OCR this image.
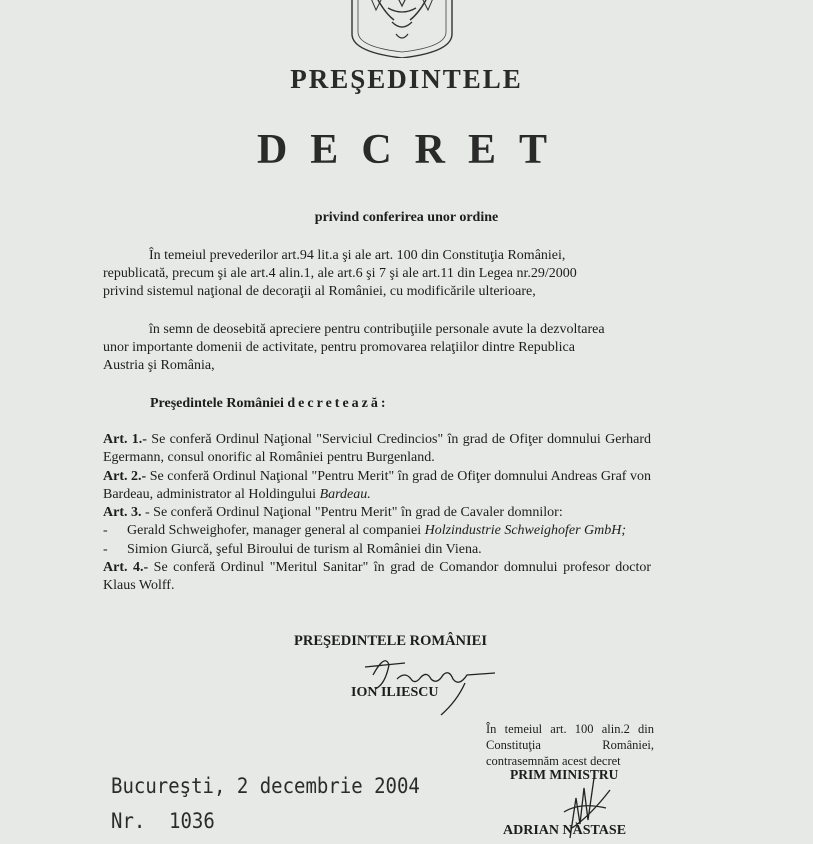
PREŞEDINTELE
DECRET
privind conferirea unor ordine
În temeiul prevederilor art.94 lit.a şi ale art. 100 din Constituţia României,
republicată, precum şi ale art.4 alin.1, ale art.6 şi 7 şi ale art.11 din Legea nr.29/2000
privind sistemul naţional de decoraţii al României, cu modificările ulterioare,
în semn de deosebită apreciere pentru contribuţiile personale avute la dezvoltarea
unor importante domenii de activitate, pentru promovarea relaţiilor dintre Republica
Austria şi România,
Preşedintele României decretează:

Art. 1.- Se conferă Ordinul Naţional "Serviciul Credincios" în grad de Ofiţer domnului Gerhard Egermann, consul onorific al României pentru Burgenland.

Art. 2.- Se conferă Ordinul Naţional "Pentru Merit" în grad de Ofiţer domnului Andreas Graf von Bardeau, administrator al Holdingului Bardeau.

Art. 3. - Se conferă Ordinul Naţional "Pentru Merit" în grad de Cavaler domnilor:

-	Gerald Schweighofer, manager general al companiei Holzindustrie Schweighofer GmbH;
-	Simion Giurcă, şeful Biroului de turism al României din Viena.

Art. 4.- Se conferă Ordinul "Meritul Sanitar" în grad de Comandor domnului profesor doctor Klaus Wolff.

PREŞEDINTELE ROMÂNIEI
ION ILIESCU
În temeiul art. 100 alin.2 din
Constituţia României,
contrasemnăm acest decret
PRIM MINISTRU
ADRIAN NĂSTASE
Bucureşti, 2 decembrie 2004
Nr. 1036
